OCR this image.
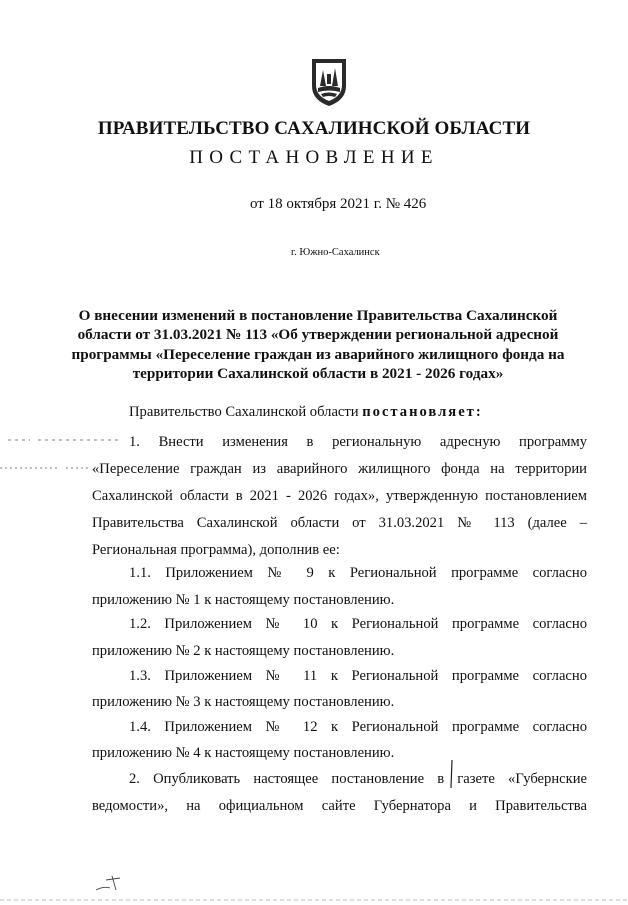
ПРАВИТЕЛЬСТВО САХАЛИНСКОЙ ОБЛАСТИ
ПОСТАНОВЛЕНИЕ
от 18 октября 2021 г. № 426
г. Южно-Сахалинск
О внесении изменений в постановление Правительства Сахалинской
области от 31.03.2021 № 113 «Об утверждении региональной адресной
программы «Переселение граждан из аварийного жилищного фонда на
территории Сахалинской области в 2021 - 2026 годах»
Правительство Сахалинской области постановляет:
1. Внести изменения в региональную адресную программу
«Переселение граждан из аварийного жилищного фонда на территории
Сахалинской области в 2021 - 2026 годах», утвержденную постановлением
Правительства Сахалинской области от 31.03.2021 № 113 (далее –
Региональная программа), дополнив ее:
1.1. Приложением № 9 к Региональной программе согласно
приложению № 1 к настоящему постановлению.
1.2. Приложением № 10 к Региональной программе согласно
приложению № 2 к настоящему постановлению.
1.3. Приложением № 11 к Региональной программе согласно
приложению № 3 к настоящему постановлению.
1.4. Приложением № 12 к Региональной программе согласно
приложению № 4 к настоящему постановлению.
2. Опубликовать настоящее постановление в газете «Губернские
ведомости», на официальном сайте Губернатора и Правительства
